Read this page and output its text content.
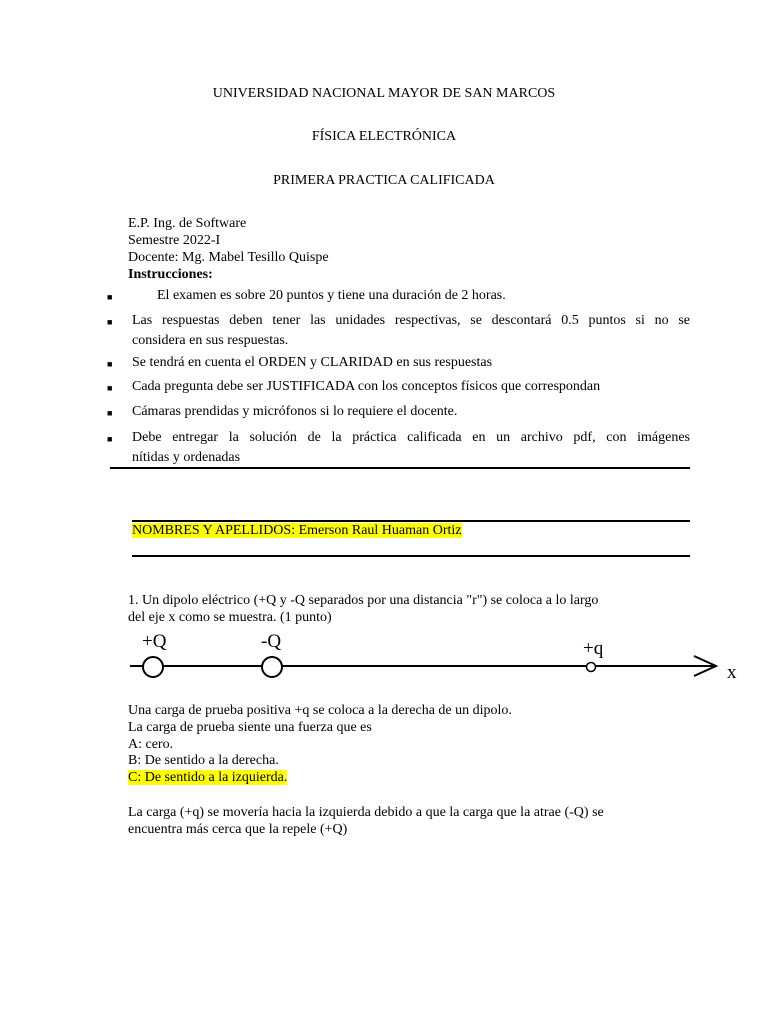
UNIVERSIDAD NACIONAL MAYOR DE SAN MARCOS
FÍSICA ELECTRÓNICA
PRIMERA PRACTICA CALIFICADA
E.P. Ing. de Software
Semestre 2022-I
Docente: Mg. Mabel Tesillo Quispe
Instrucciones:
■	El examen es sobre 20 puntos y tiene una duración de 2 horas.
■ Las respuestas deben tener las unidades respectivas, se descontará 0.5 puntos si no se
considera en sus respuestas.
■ Se tendrá en cuenta el ORDEN y CLARIDAD en sus respuestas
■ Cada pregunta debe ser JUSTIFICADA con los conceptos físicos que correspondan
■ Cámaras prendidas y micrófonos si lo requiere el docente.
■ Debe entregar la solución de la práctica calificada en un archivo pdf, con imágenes
nítidas y ordenadas
NOMBRES Y APELLIDOS: Emerson Raul Huaman Ortiz
1. Un dipolo eléctrico (+Q y -Q separados por una distancia "r") se coloca a lo largo
del eje x como se muestra. (1 punto)
+Q	-Q	+q
x
Una carga de prueba positiva +q se coloca a la derecha de un dipolo.
La carga de prueba siente una fuerza que es
A: cero.
B: De sentido a la derecha.
C: De sentido a la izquierda.
La carga (+q) se movería hacia la izquierda debido a que la carga que la atrae (-Q) se
encuentra más cerca que la repele (+Q)
